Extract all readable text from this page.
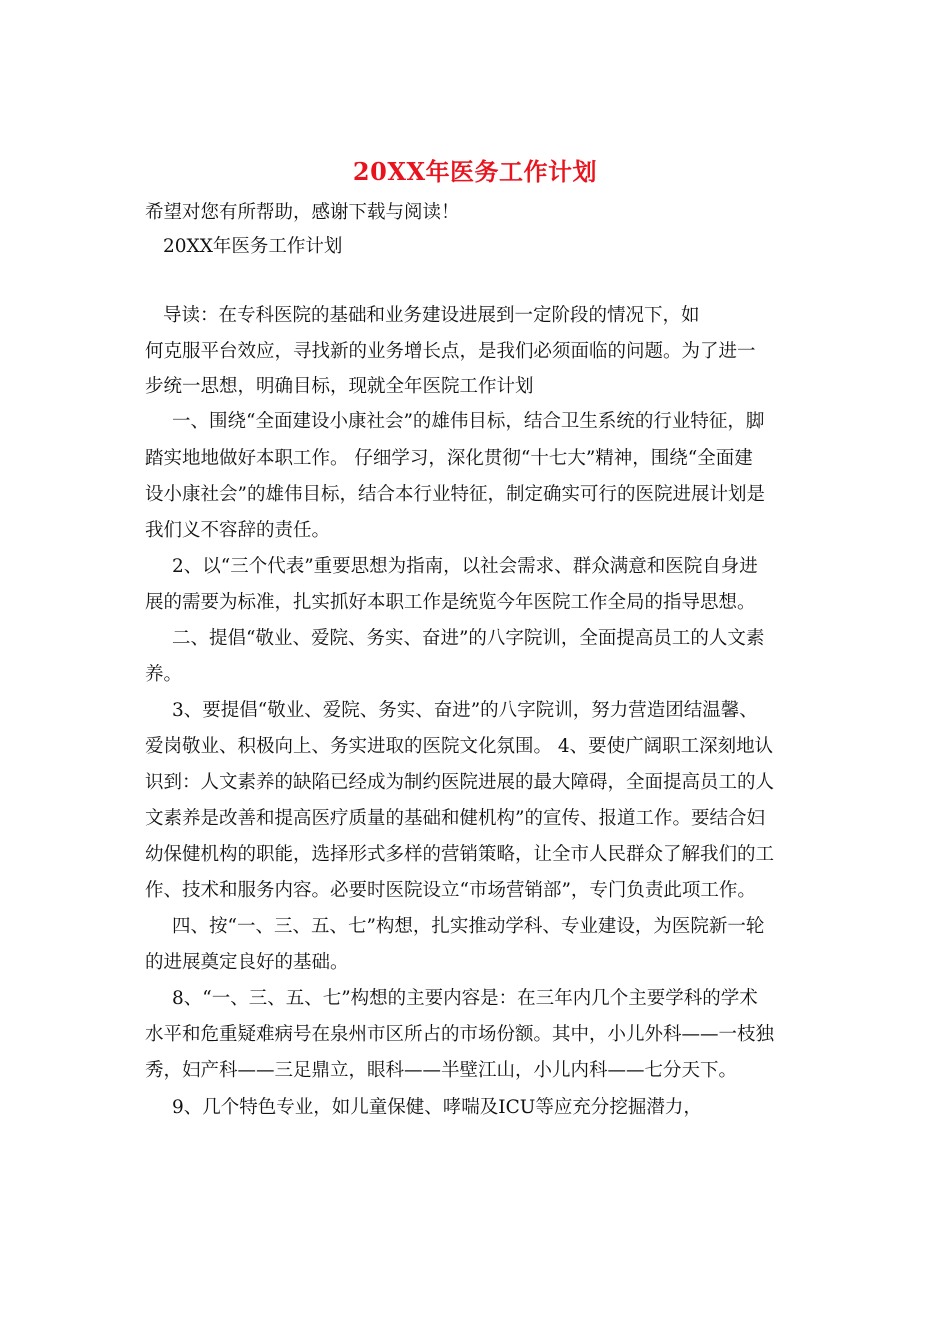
20XX年医务工作计划
希望对您有所帮助，感谢下载与阅读！
20XX年医务工作计划
导读：在专科医院的基础和业务建设进展到一定阶段的情况下，如
何克服平台效应，寻找新的业务增长点，是我们必须面临的问题。为了进一
步统一思想，明确目标，现就全年医院工作计划
一、围绕“全面建设小康社会”的雄伟目标，结合卫生系统的行业特征，脚
踏实地地做好本职工作。 仔细学习，深化贯彻“十七大”精神，围绕“全面建
设小康社会”的雄伟目标，结合本行业特征，制定确实可行的医院进展计划是
我们义不容辞的责任。
2、以“三个代表”重要思想为指南，以社会需求、群众满意和医院自身进
展的需要为标准，扎实抓好本职工作是统览今年医院工作全局的指导思想。
二、提倡“敬业、爱院、务实、奋进”的八字院训，全面提高员工的人文素
养。
3、要提倡“敬业、爱院、务实、奋进”的八字院训，努力营造团结温馨、
爱岗敬业、积极向上、务实进取的医院文化氛围。 4、要使广阔职工深刻地认
识到：人文素养的缺陷已经成为制约医院进展的最大障碍，全面提高员工的人
文素养是改善和提高医疗质量的基础和健机构”的宣传、报道工作。要结合妇
幼保健机构的职能，选择形式多样的营销策略，让全市人民群众了解我们的工
作、技术和服务内容。必要时医院设立“市场营销部”，专门负责此项工作。
四、按“一、三、五、七”构想，扎实推动学科、专业建设，为医院新一轮
的进展奠定良好的基础。
8、“一、三、五、七”构想的主要内容是：在三年内几个主要学科的学术
水平和危重疑难病号在泉州市区所占的市场份额。其中，小儿外科——一枝独
秀，妇产科——三足鼎立，眼科——半壁江山，小儿内科——七分天下。
9、几个特色专业，如儿童保健、哮喘及ICU等应充分挖掘潜力，
